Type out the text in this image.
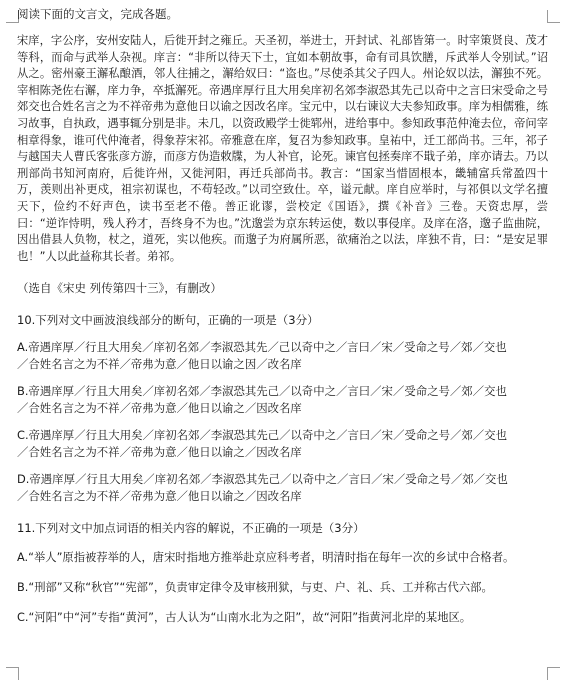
阅读下面的文言文，完成各题。

宋庠，字公序，安州安陆人，后徙开封之雍丘。天圣初，举进士，开封试、礼部皆第一。时宰策贤良、茂才等科，而命与武举人杂视。庠言：“非所以待天下士，宜如本朝故事，命有司具饮膳，斥武举人令别试。”诏从之。密州豪王澥私酿酒，邻人往捕之，澥给奴曰：“盗也。”尽使杀其父子四人。州论奴以法，澥独不死。宰相陈尧佐右澥，庠力争，卒抵澥死。帝遇庠厚行且大用矣庠初名郊李淑恐其先己以奇中之言曰宋受命之号郊交也合姓名言之为不祥帝弗为意他日以谕之因改名庠。宝元中，以右谏议大夫参知政事。庠为相儒雅，练习故事，自执政，遇事辄分别是非。未几，以资政殿学士徙郓州，进给事中。参知政事范仲淹去位，帝问宰相章得象，谁可代仲淹者，得象荐宋祁。帝雅意在庠，复召为参知政事。皇祐中，迁工部尚书。三年，祁子与越国夫人曹氏客张彦方游，而彦方伪造敕牒，为人补官，论死。谏官包拯奏庠不戢子弟，庠亦请去。乃以刑部尚书知河南府，后徙许州，又徙河阳，再迁兵部尚书。教言：“国家当惜固根本，畿辅富兵常盈四十万，羡则出补更戍，祖宗初谋也，不苟轻改。”以司空致仕。卒，谥元献。庠自应举时，与祁俱以文学名擅天下，俭约不好声色，读书至老不倦。善正讹谬，尝校定《国语》，撰《补音》三卷。天资忠厚，尝曰：“逆诈恃明，残人矜才，吾终身不为也。”沈邈尝为京东转运使，数以事侵庠。及庠在洛，邈子监曲院，因出借县人负物，杖之，道死，实以他疾。而邈子为府属所恶，欲痛治之以法，庠独不肯，曰：“是安足罪也！”人以此益称其长者。弟祁。

（选自《宋史 列传第四十三》，有删改）

10.下列对文中画波浪线部分的断句，正确的一项是（3分）

A.帝遇庠厚／行且大用矣／庠初名郊／李淑恐其先／己以奇中之／言曰／宋／受命之号／郊／交也
／合姓名言之为不祥／帝弗为意／他日以谕之因／改名庠

B.帝遇庠厚／行且大用矣／庠初名郊／李淑恐其先己／以奇中之／言曰／宋／受命之号／郊／交也
／合姓名言之为不祥／帝弗为意／他日以谕之／因改名庠

C.帝遇庠厚／行且大用矣／庠初名郊／李淑恐其先己／以奇中之／言曰／宋／受命之号／郊／交也
／合姓名言之为不祥／帝弗为意／他日以谕之／因改名庠

D.帝遇庠厚／行且大用矣／庠初名郊／李淑恐其先己／以奇中之／言曰／宋／受命之号／郊／交也
／合姓名言之为不祥／帝弗为意／他日以谕之／因改名庠

11.下列对文中加点词语的相关内容的解说，不正确的一项是（3分）

A.“举人”原指被荐举的人，唐宋时指地方推举赴京应科考者，明清时指在每年一次的乡试中合格者。

B.“刑部”又称“秋官”“宪部”，负责审定律令及审核刑狱，与吏、户、礼、兵、工并称古代六部。

C.“河阳”中“河”专指“黄河”，古人认为“山南水北为之阳”，故“河阳”指黄河北岸的某地区。
